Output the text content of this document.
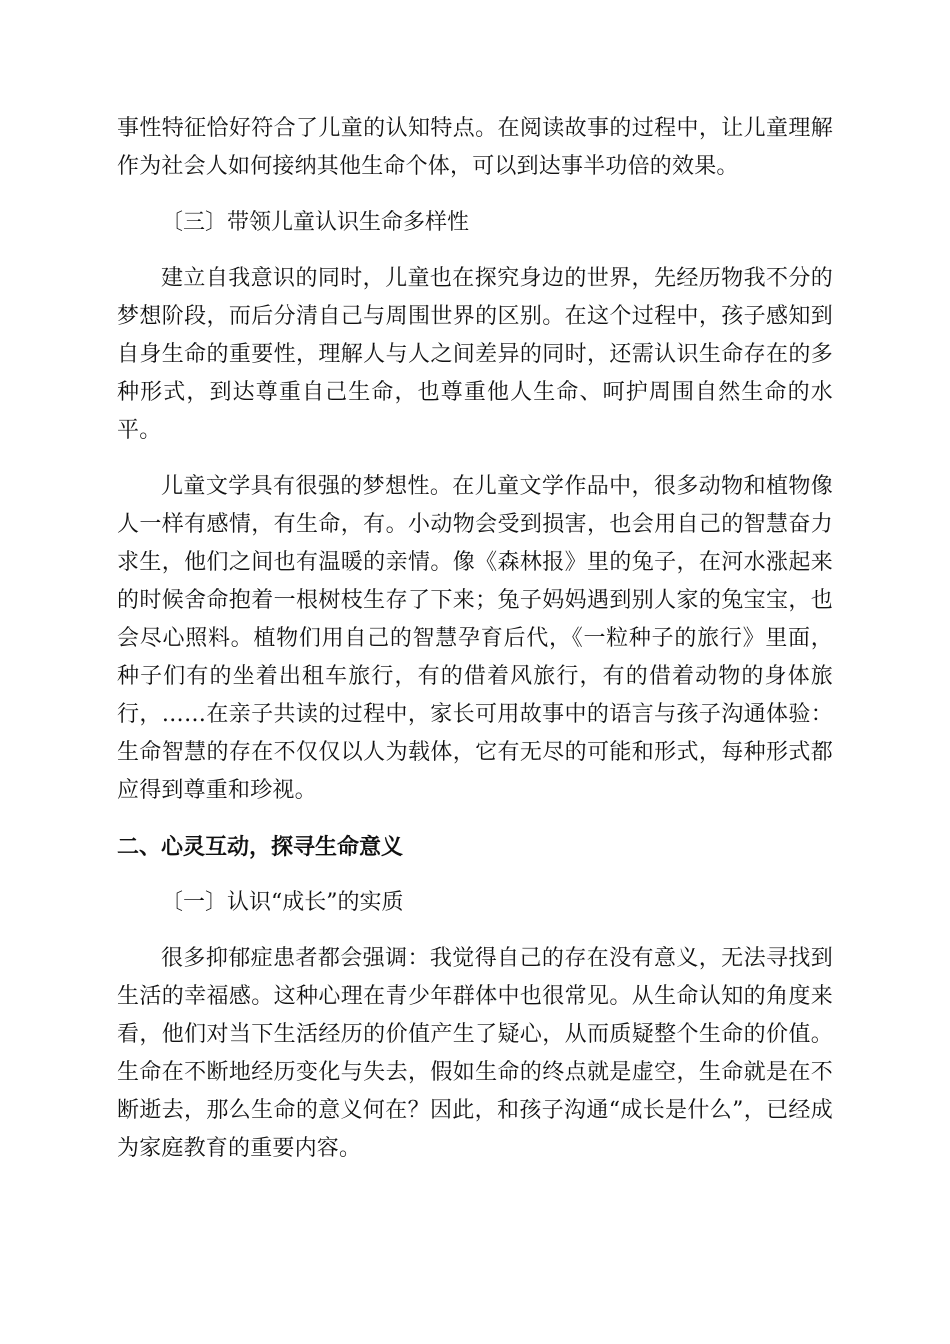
事性特征恰好符合了儿童的认知特点。在阅读故事的过程中，让儿童理解作为社会人如何接纳其他生命个体，可以到达事半功倍的效果。

〔三〕带领儿童认识生命多样性

建立自我意识的同时，儿童也在探究身边的世界，先经历物我不分的梦想阶段，而后分清自己与周围世界的区别。在这个过程中，孩子感知到自身生命的重要性，理解人与人之间差异的同时，还需认识生命存在的多种形式，到达尊重自己生命，也尊重他人生命、呵护周围自然生命的水平。

儿童文学具有很强的梦想性。在儿童文学作品中，很多动物和植物像人一样有感情，有生命，有。小动物会受到损害，也会用自己的智慧奋力求生，他们之间也有温暖的亲情。像《森林报》里的兔子，在河水涨起来的时候舍命抱着一根树枝生存了下来；兔子妈妈遇到别人家的兔宝宝，也会尽心照料。植物们用自己的智慧孕育后代，《一粒种子的旅行》里面，种子们有的坐着出租车旅行，有的借着风旅行，有的借着动物的身体旅行，……在亲子共读的过程中，家长可用故事中的语言与孩子沟通体验：生命智慧的存在不仅仅以人为载体，它有无尽的可能和形式，每种形式都应得到尊重和珍视。

二、心灵互动，探寻生命意义

〔一〕认识“成长”的实质

很多抑郁症患者都会强调：我觉得自己的存在没有意义，无法寻找到生活的幸福感。这种心理在青少年群体中也很常见。从生命认知的角度来看，他们对当下生活经历的价值产生了疑心，从而质疑整个生命的价值。生命在不断地经历变化与失去，假如生命的终点就是虚空，生命就是在不断逝去，那么生命的意义何在？因此，和孩子沟通“成长是什么”，已经成为家庭教育的重要内容。
